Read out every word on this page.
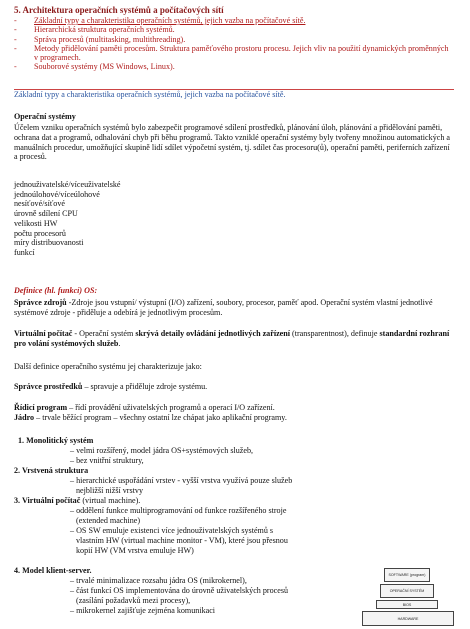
5. Architektura operačních systémů a počítačových sítí
- Základní typy a charakteristika operačních systémů, jejich vazba na počítačové sítě.
- Hierarchická struktura operačních systémů.
- Správa procesů (multitasking, multithreading).
- Metody přidělování paměti procesům. Struktura paměťového prostoru procesu. Jejich vliv na použití dynamických proměnných v programech.
- Souborové systémy (MS Windows, Linux).
Základní typy a charakteristika operačních systémů, jejich vazba na počítačové sítě.
Operační systémy
Účelem vzniku operačních systémů bylo zabezpečit programové sdílení prostředků, plánování úloh, plánování a přidělování paměti, ochrana dat a programů, odhalování chyb při běhu programů. Takto vzniklé operační systémy byly tvořeny množinou automatických a manuálních procedur, umožňující skupině lidí sdílet výpočetní systém, tj. sdílet čas procesoru(ů), operační paměti, periferních zařízení a procesů.
jednouživatelské/víceuživatelské
jednoúlohové/víceúlohové
nesíťové/síťové
úrovně sdílení CPU
velikosti HW
počtu procesorů
míry distribuovanosti
funkcí
Definice (hl. funkcí) OS:
Správce zdrojů -Zdroje jsou vstupní/ výstupní (I/O) zařízení, soubory, procesor, paměť apod. Operační systém vlastní jednotlivé systémové zdroje - přiděluje a odebírá je jednotlivým procesům.
Virtuální počítač - Operační systém skrývá detaily ovládání jednotlivých zařízení (transparentnost), definuje standardní rozhraní pro volání systémových služeb.
Další definice operačního systému jej charakterizuje jako:
Správce prostředků – spravuje a přiděluje zdroje systému.
Řídicí program – řídí provádění uživatelských programů a operací I/O zařízení.
Jádro – trvale běžící program – všechny ostatní lze chápat jako aplikační programy.
1. Monolitický systém
– velmi rozšířený, model jádra OS+systémových služeb,
– bez vnitřní struktury,
2. Vrstvená struktura
– hierarchické uspořádání vrstev - vyšší vrstva využívá pouze služeb
nejbližší nižší vrstvy
3. Virtuální počítač (virtual machine).
– oddělení funkce multiprogramování od funkce rozšířeného stroje
(extended machine)
– OS SW emuluje existenci více jednouživatelských systémů s
vlastním HW (virtual machine monitor - VM), které jsou přesnou
kopií HW (VM vrstva emuluje HW)
4. Model klient-server.
– trvalé minimalizace rozsahu jádra OS (mikrokernel),
– část funkcí OS implementována do úrovně uživatelských procesů
(zasílání požadavků mezi procesy),
– mikrokernel zajišťuje zejména komunikaci
SOFTWARE (program)
OPERAČNÍ SYSTÉM
BIOS
HARDWARE
